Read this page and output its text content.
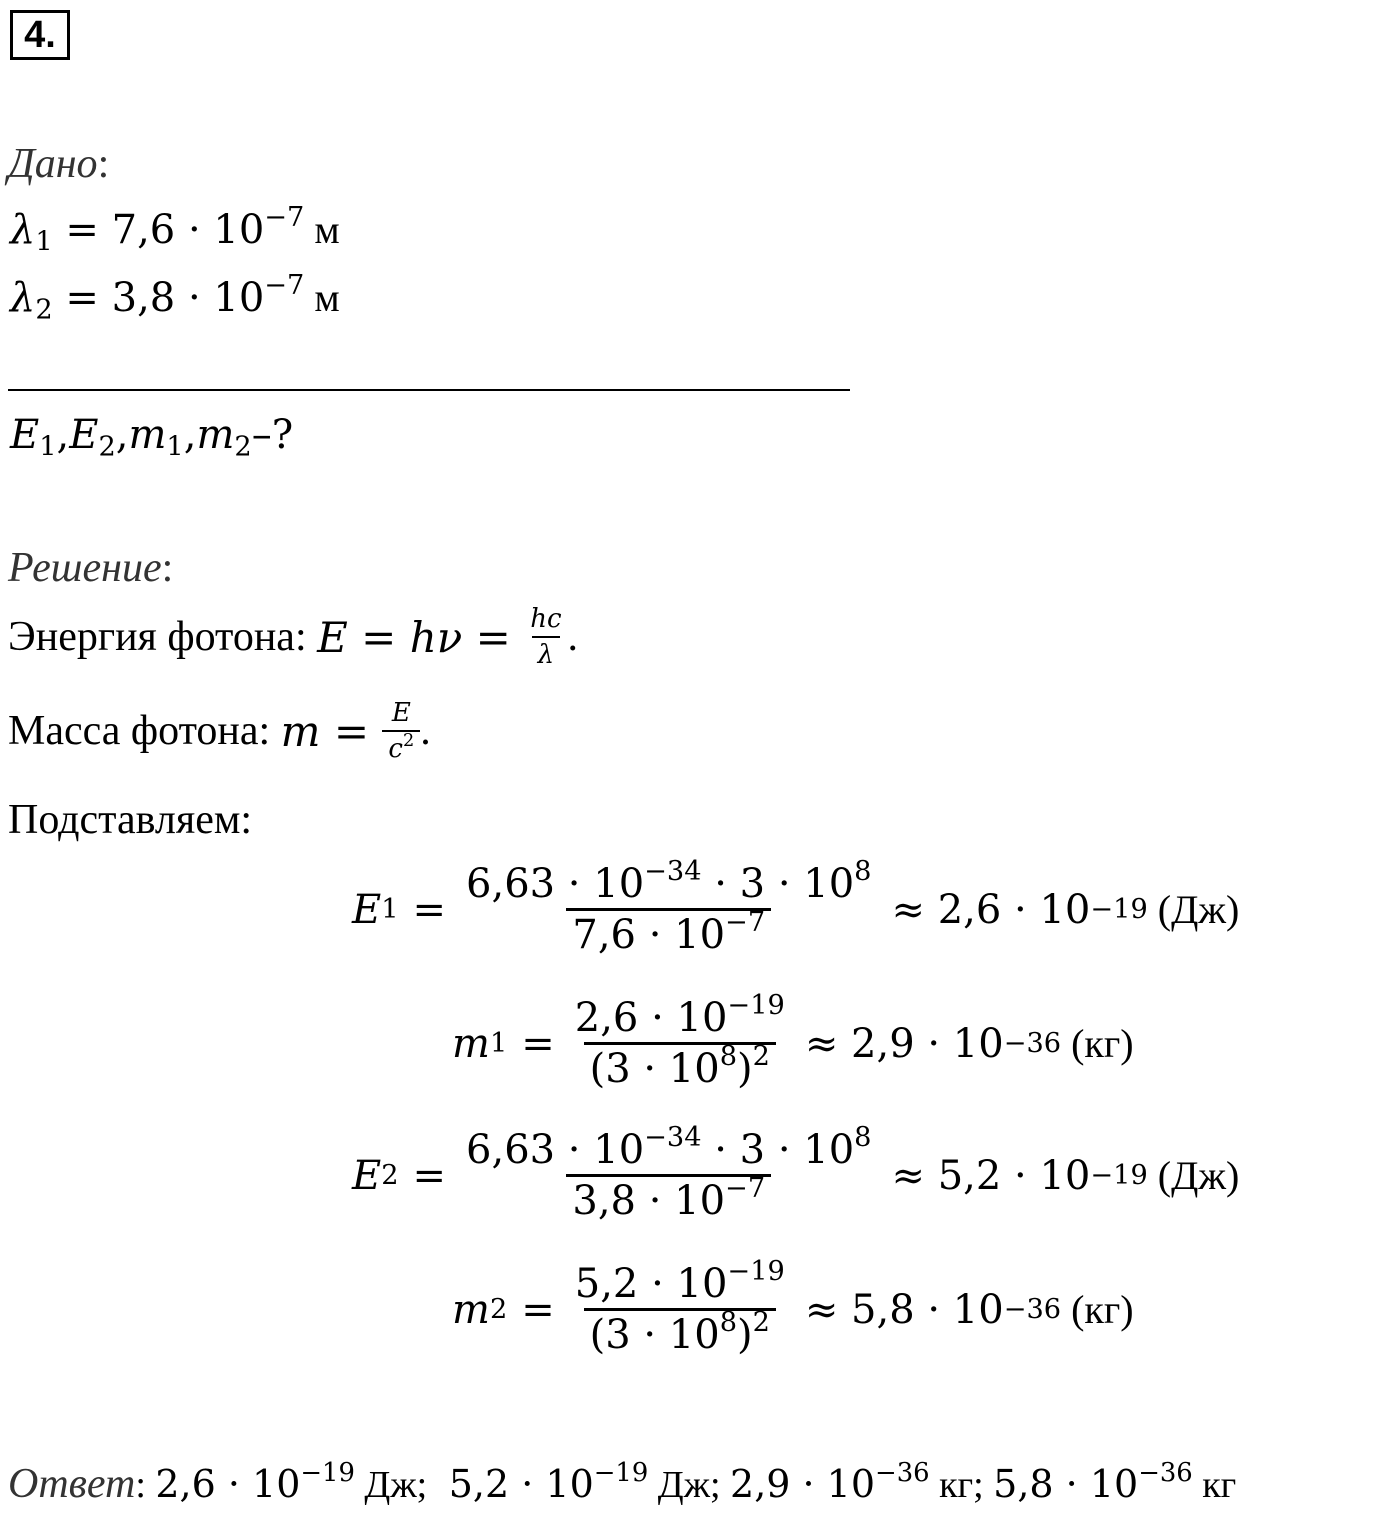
4.
Дано:
$\lambda_1 = 7,6 \cdot 10^{-7}$ м
$\lambda_2 = 3,8 \cdot 10^{-7}$ м
$E_1,E_2,m_1,m_2-$?
Решение:
Энергия фотона: $E = h\nu = \frac{hc}{\lambda}$ .
Масса фотона: $m = \frac{E}{c^2}$ .
Подставляем:
E $1 = \frac{6,63 \cdot 10^{-34} \cdot 3 \cdot 10^8}{7,6 \cdot 10^{-7}} \approx 2,6 \cdot 10 -19$ (Дж)
m $1 = \frac{2,6 \cdot 10^{-19}}{(3 \cdot 10^8)^2} \approx 2,9 \cdot 10 -36$ (кг)
E $2 = \frac{6,63 \cdot 10^{-34} \cdot 3 \cdot 10^8}{3,8 \cdot 10^{-7}} \approx 5,2 \cdot 10 -19$ (Дж)
m $2 = \frac{5,2 \cdot 10^{-19}}{(3 \cdot 10^8)^2} \approx 5,8 \cdot 10 -36$ (кг)
Ответ: $2,6 \cdot 10^{-19}$ Дж;  $5,2 \cdot 10^{-19}$ Дж; $2,9 \cdot 10^{-36}$ кг; $5,8 \cdot 10^{-36}$ кг
